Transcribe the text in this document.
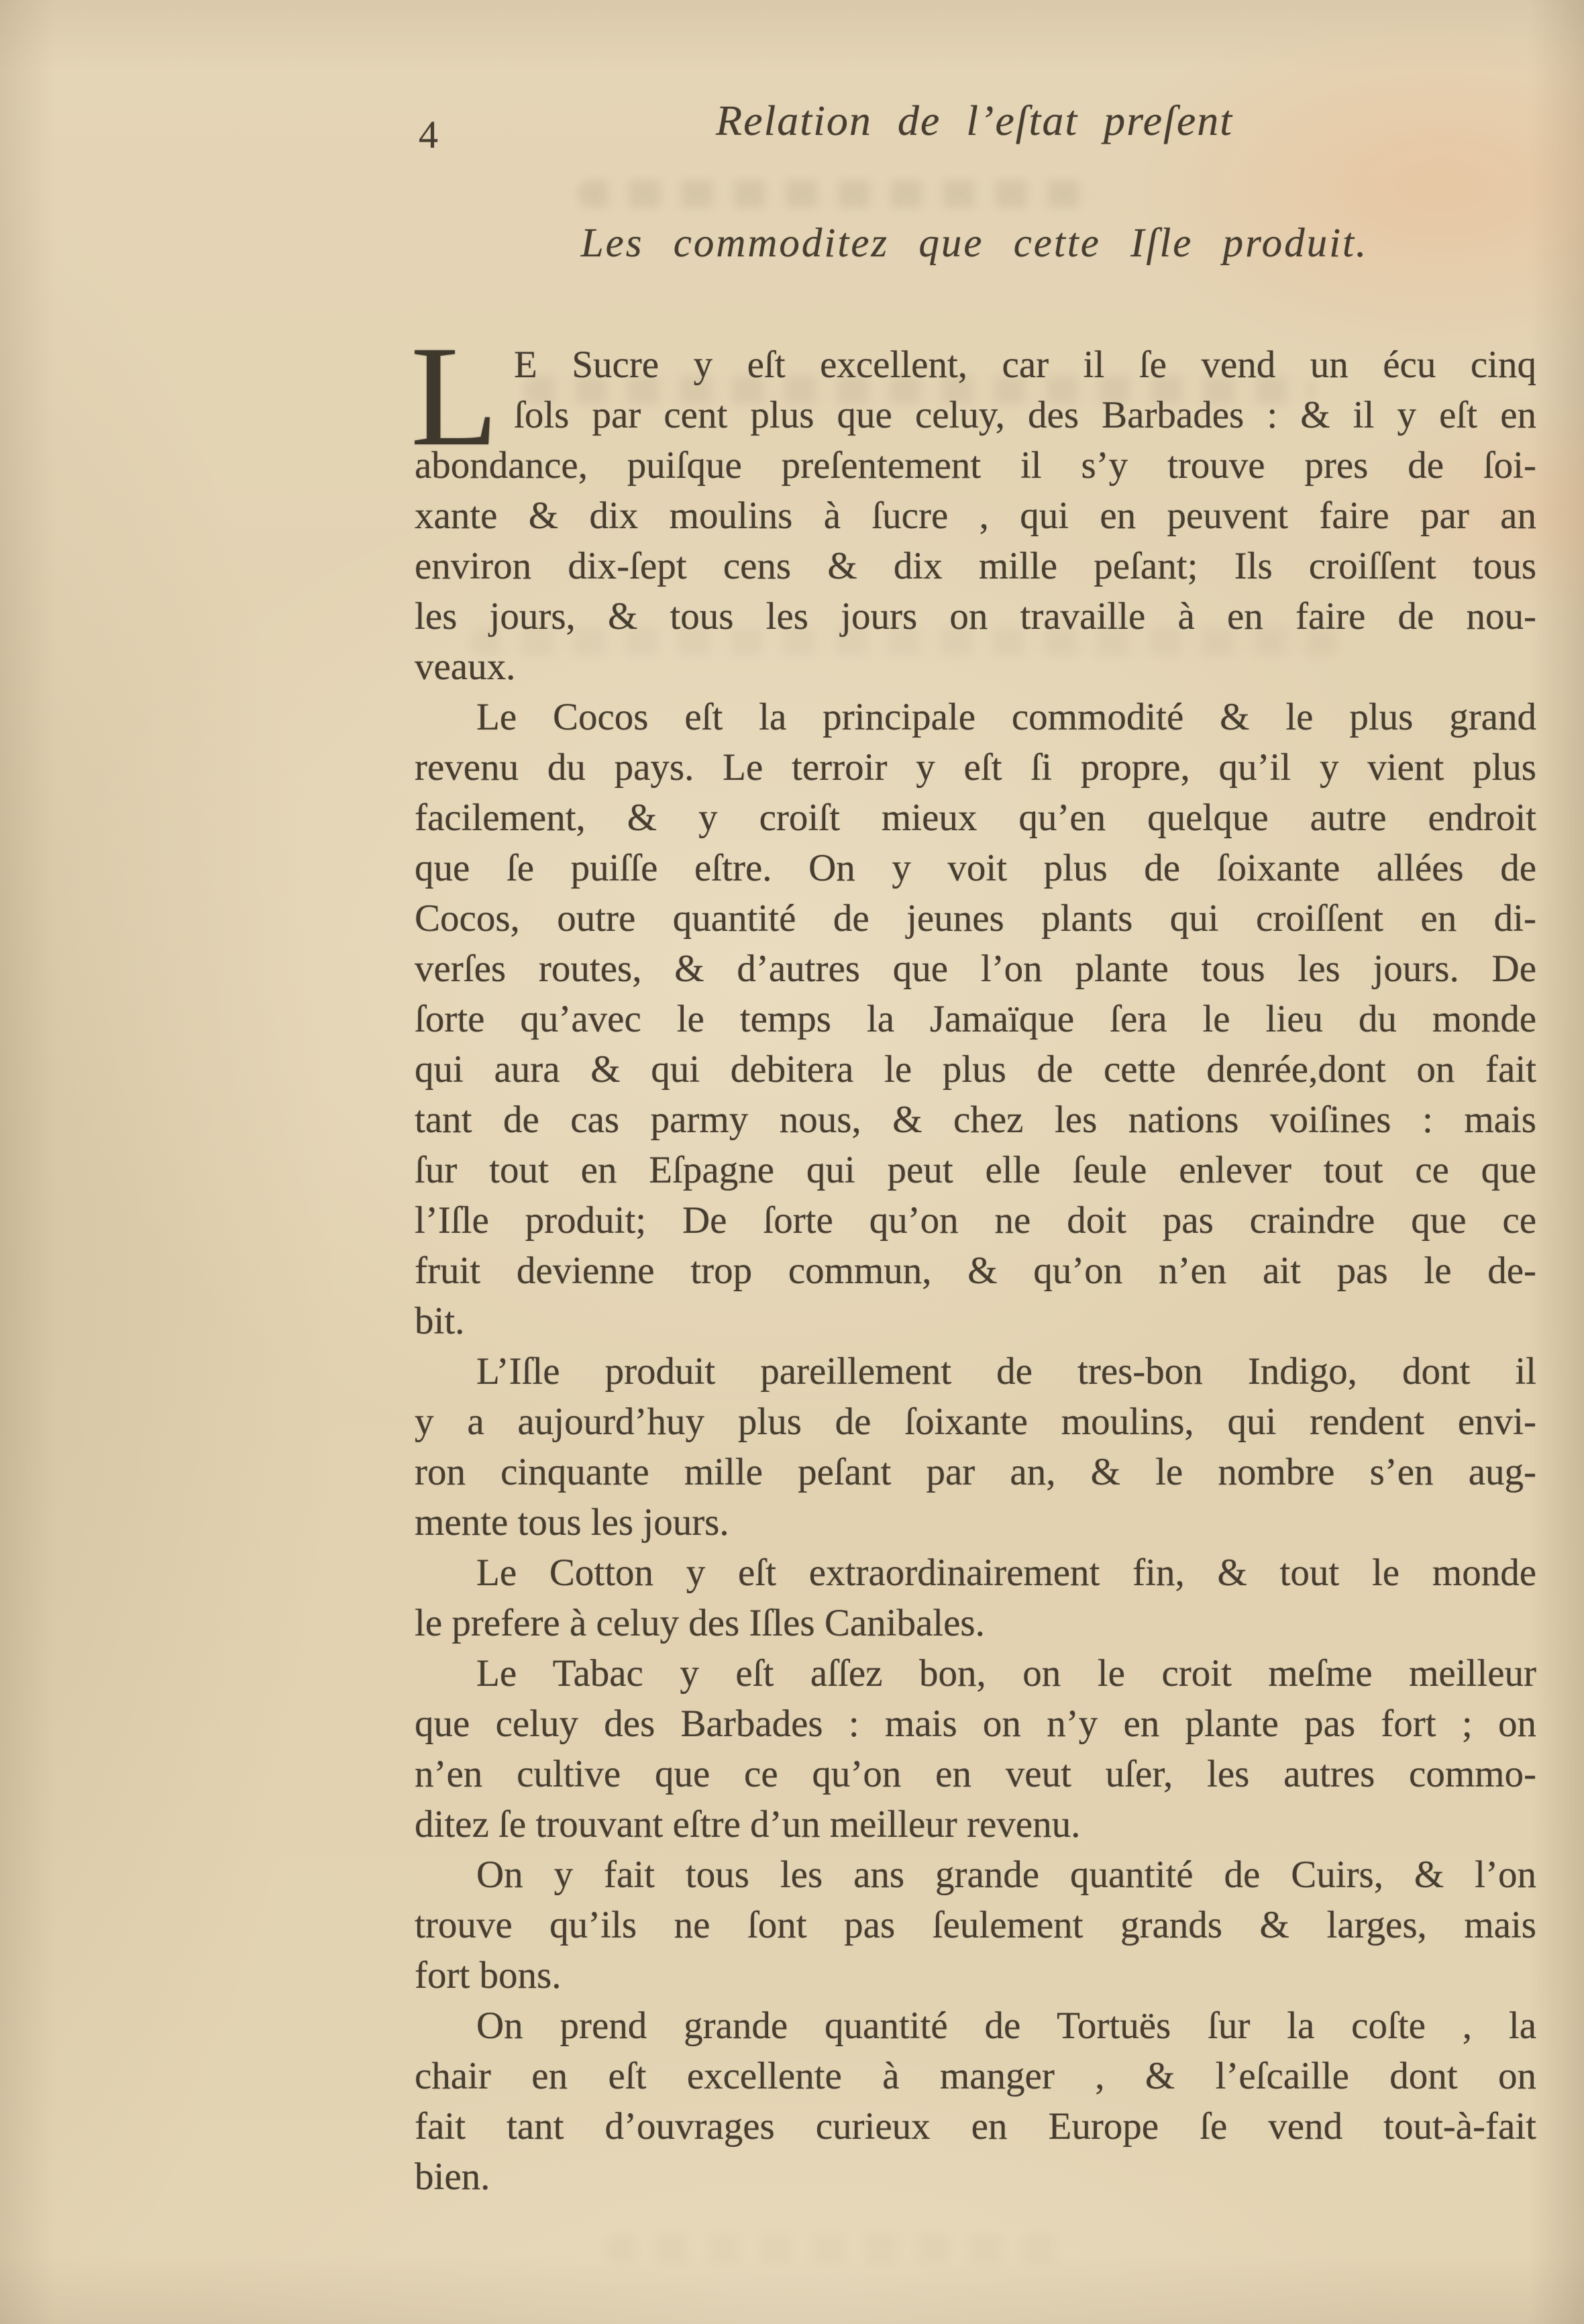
4	Relation de l’eſtat preſent
Les commoditez que cette Iſle produit.
L E Sucre y eſt excellent, car il ſe vend un écu cinq
ſols par cent plus que celuy, des Barbades : & il y eſt en
abondance, puiſque preſentement il s’y trouve pres de ſoi-
xante & dix moulins à ſucre , qui en peuvent faire par an
environ dix-ſept cens & dix mille peſant; Ils croiſſent tous
les jours, & tous les jours on travaille à en faire de nou-
veaux.
Le Cocos eſt la principale commodité & le plus grand
revenu du pays. Le terroir y eſt ſi propre, qu’il y vient plus
facilement, & y croiſt mieux qu’en quelque autre endroit
que ſe puiſſe eſtre. On y voit plus de ſoixante allées de
Cocos, outre quantité de jeunes plants qui croiſſent en di-
verſes routes, & d’autres que l’on plante tous les jours. De
ſorte qu’avec le temps la Jamaïque ſera le lieu du monde
qui aura & qui debitera le plus de cette denrée,dont on fait
tant de cas parmy nous, & chez les nations voiſines : mais
ſur tout en Eſpagne qui peut elle ſeule enlever tout ce que
l’Iſle produit; De ſorte qu’on ne doit pas craindre que ce
fruit devienne trop commun, & qu’on n’en ait pas le de-
bit.
L’Iſle produit pareillement de tres-bon Indigo, dont il
y a aujourd’huy plus de ſoixante moulins, qui rendent envi-
ron cinquante mille peſant par an, & le nombre s’en aug-
mente tous les jours.
Le Cotton y eſt extraordinairement fin, & tout le monde
le prefere à celuy des Iſles Canibales.
Le Tabac y eſt aſſez bon, on le croit meſme meilleur
que celuy des Barbades : mais on n’y en plante pas fort ; on
n’en cultive que ce qu’on en veut uſer, les autres commo-
ditez ſe trouvant eſtre d’un meilleur revenu.
On y fait tous les ans grande quantité de Cuirs, & l’on
trouve qu’ils ne ſont pas ſeulement grands & larges, mais
fort bons.
On prend grande quantité de Tortuës ſur la coſte , la
chair en eſt excellente à manger , & l’eſcaille dont on
fait tant d’ouvrages curieux en Europe ſe vend tout-à-fait
bien.
